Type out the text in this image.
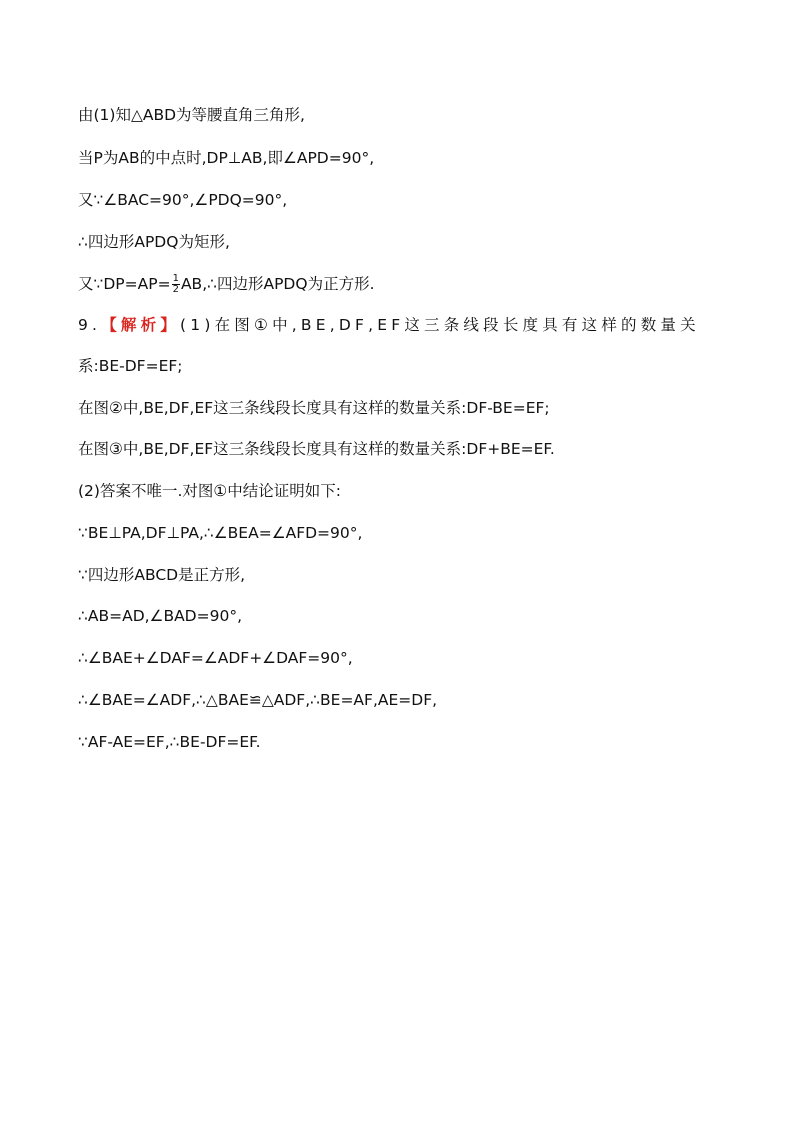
由(1)知△ABD为等腰直角三角形,
当P为AB的中点时,DP⊥AB,即∠APD=90°,
又∵∠BAC=90°,∠PDQ=90°,
∴四边形APDQ为矩形,
又∵DP=AP= $\frac{1}{2}$ AB,∴四边形APDQ为正方形.
9.【解析】(1)在图①中,BE,DF,EF这三条线段长度具有这样的数量关
系:BE-DF=EF;
在图②中,BE,DF,EF这三条线段长度具有这样的数量关系:DF-BE=EF;
在图③中,BE,DF,EF这三条线段长度具有这样的数量关系:DF+BE=EF.
(2)答案不唯一.对图①中结论证明如下:
∵BE⊥PA,DF⊥PA,∴∠BEA=∠AFD=90°,
∵四边形ABCD是正方形,
∴AB=AD,∠BAD=90°,
∴∠BAE+∠DAF=∠ADF+∠DAF=90°,
∴∠BAE=∠ADF,∴△BAE≌△ADF,∴BE=AF,AE=DF,
∵AF-AE=EF,∴BE-DF=EF.
